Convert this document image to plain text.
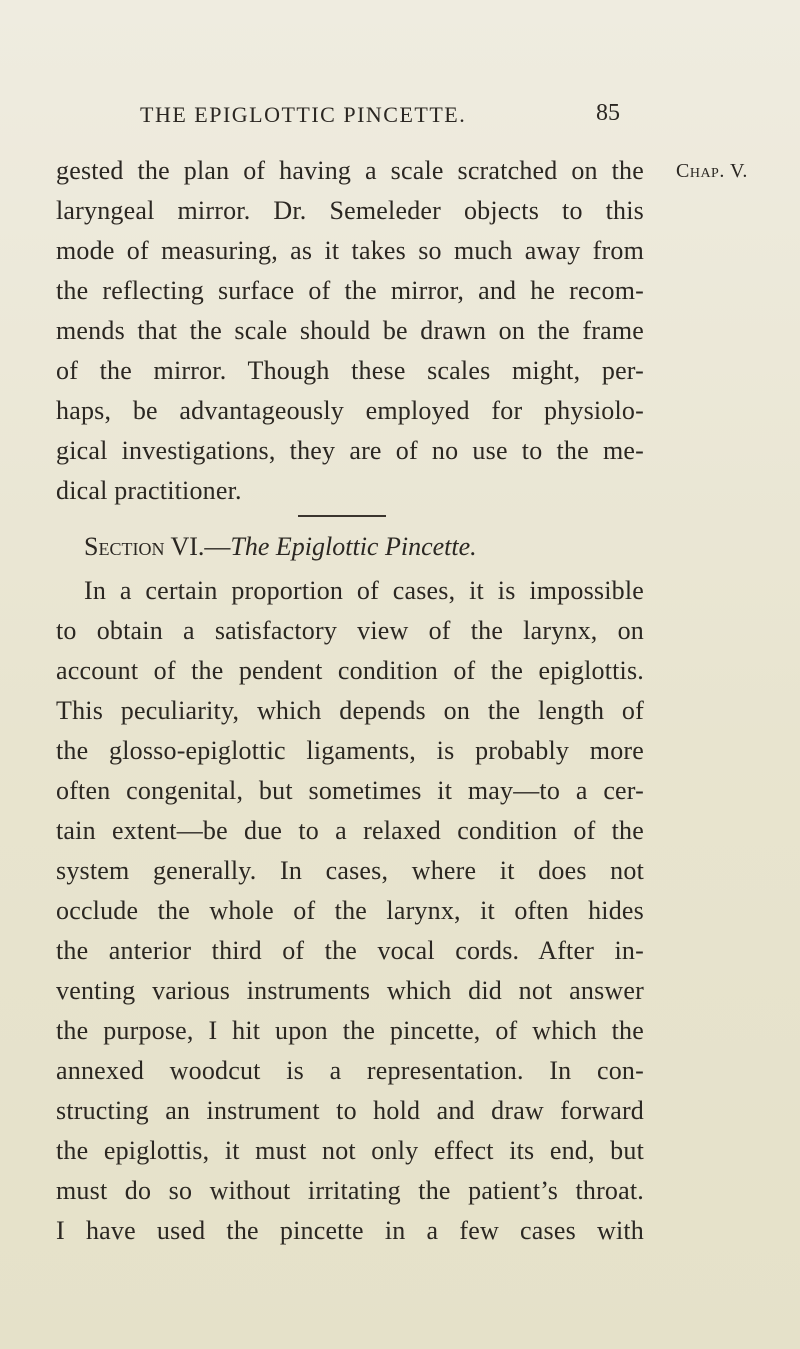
THE EPIGLOTTIC PINCETTE.	85
Chap. V.
gested the plan of having a scale scratched on the
laryngeal mirror. Dr. Semeleder objects to this
mode of measuring, as it takes so much away from
the reflecting surface of the mirror, and he recom-
mends that the scale should be drawn on the frame
of the mirror. Though these scales might, per-
haps, be advantageously employed for physiolo-
gical investigations, they are of no use to the me-
dical practitioner.
Section VI.—The Epiglottic Pincette.
In a certain proportion of cases, it is impossible
to obtain a satisfactory view of the larynx, on
account of the pendent condition of the epiglottis.
This peculiarity, which depends on the length of
the glosso-epiglottic ligaments, is probably more
often congenital, but sometimes it may—to a cer-
tain extent—be due to a relaxed condition of the
system generally. In cases, where it does not
occlude the whole of the larynx, it often hides
the anterior third of the vocal cords. After in-
venting various instruments which did not answer
the purpose, I hit upon the pincette, of which the
annexed woodcut is a representation. In con-
structing an instrument to hold and draw forward
the epiglottis, it must not only effect its end, but
must do so without irritating the patient’s throat.
I have used the pincette in a few cases with
